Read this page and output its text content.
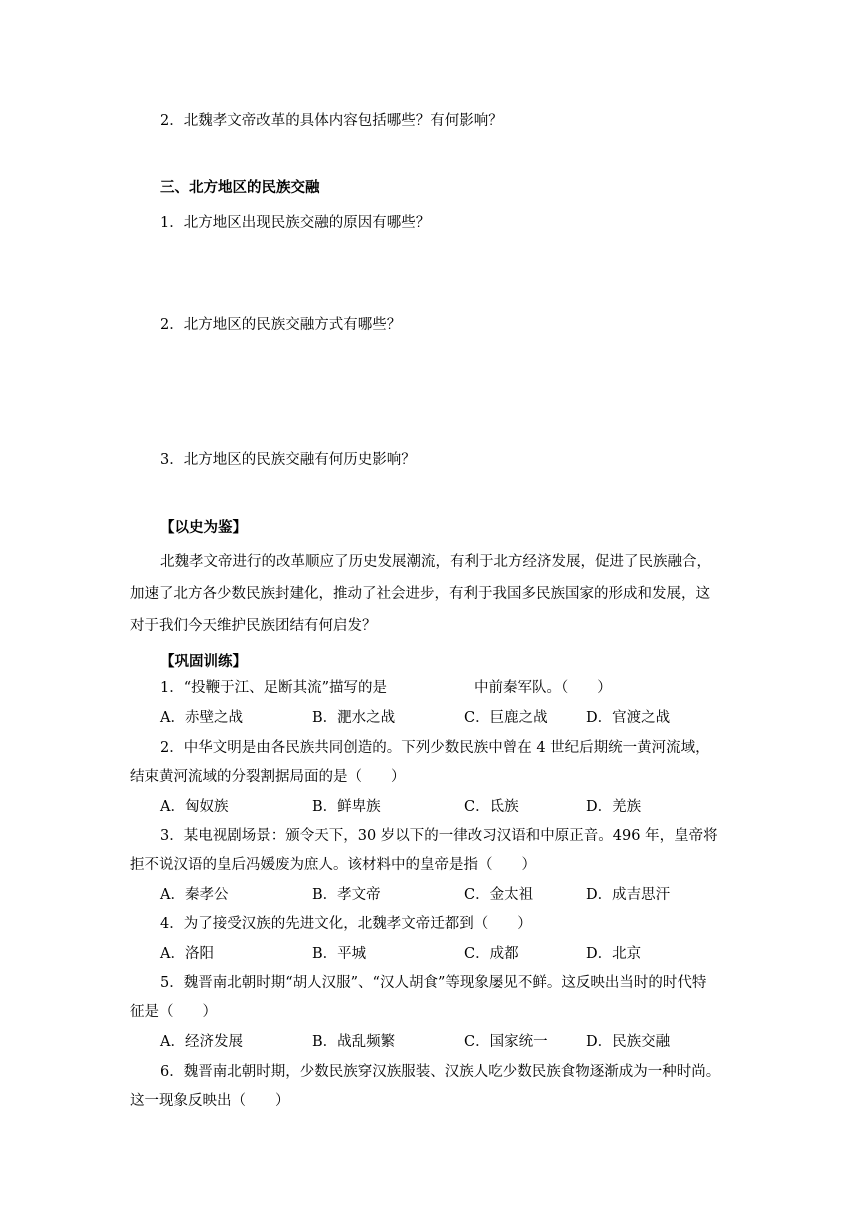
2．北魏孝文帝改革的具体内容包括哪些？有何影响？
三、北方地区的民族交融
1．北方地区出现民族交融的原因有哪些？
2．北方地区的民族交融方式有哪些？
3．北方地区的民族交融有何历史影响？
【以史为鉴】
北魏孝文帝进行的改革顺应了历史发展潮流，有利于北方经济发展，促进了民族融合，
加速了北方各少数民族封建化，推动了社会进步，有利于我国多民族国家的形成和发展，这
对于我们今天维护民族团结有何启发？
【巩固训练】
1．“投鞭于江、足断其流”描写的是　　　　　　中前秦军队。（　　）
A．赤壁之战	B．淝水之战	C．巨鹿之战	D．官渡之战
2．中华文明是由各民族共同创造的。下列少数民族中曾在 4 世纪后期统一黄河流域，
结束黄河流域的分裂割据局面的是（　　）
A．匈奴族	B．鲜卑族	C．氐族	D．羌族
3．某电视剧场景：颁令天下，30 岁以下的一律改习汉语和中原正音。496 年，皇帝将
拒不说汉语的皇后冯媛废为庶人。该材料中的皇帝是指（　　）
A．秦孝公	B．孝文帝	C．金太祖	D．成吉思汗
4．为了接受汉族的先进文化，北魏孝文帝迁都到（　　）
A．洛阳	B．平城	C．成都	D．北京
5．魏晋南北朝时期“胡人汉服”、“汉人胡食”等现象屡见不鲜。这反映出当时的时代特
征是（　　）
A．经济发展	B．战乱频繁	C．国家统一	D．民族交融
6．魏晋南北朝时期，少数民族穿汉族服装、汉族人吃少数民族食物逐渐成为一种时尚。
这一现象反映出（　　）
